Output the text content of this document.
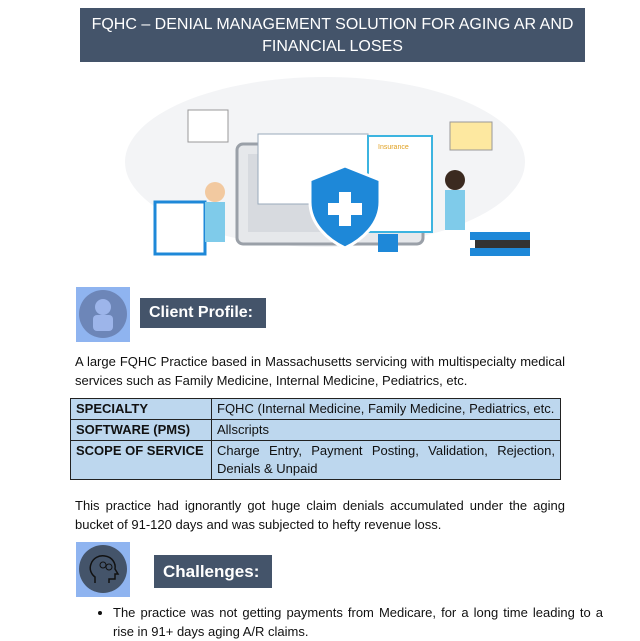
FQHC – DENIAL MANAGEMENT SOLUTION FOR AGING AR AND FINANCIAL LOSES
Insurance
Client Profile:
A large FQHC Practice based in Massachusetts servicing with multispecialty medical services such as Family Medicine, Internal Medicine, Pediatrics, etc.
SPECIALTY	FQHC (Internal Medicine, Family Medicine, Pediatrics, etc.
SOFTWARE (PMS)	Allscripts
SCOPE OF SERVICE	Charge Entry, Payment Posting, Validation, Rejection, Denials & Unpaid
This practice had ignorantly got huge claim denials accumulated under the aging bucket of 91-120 days and was subjected to hefty revenue loss.
Challenges:
• The practice was not getting payments from Medicare, for a long time leading to a rise in 91+ days aging A/R claims.
